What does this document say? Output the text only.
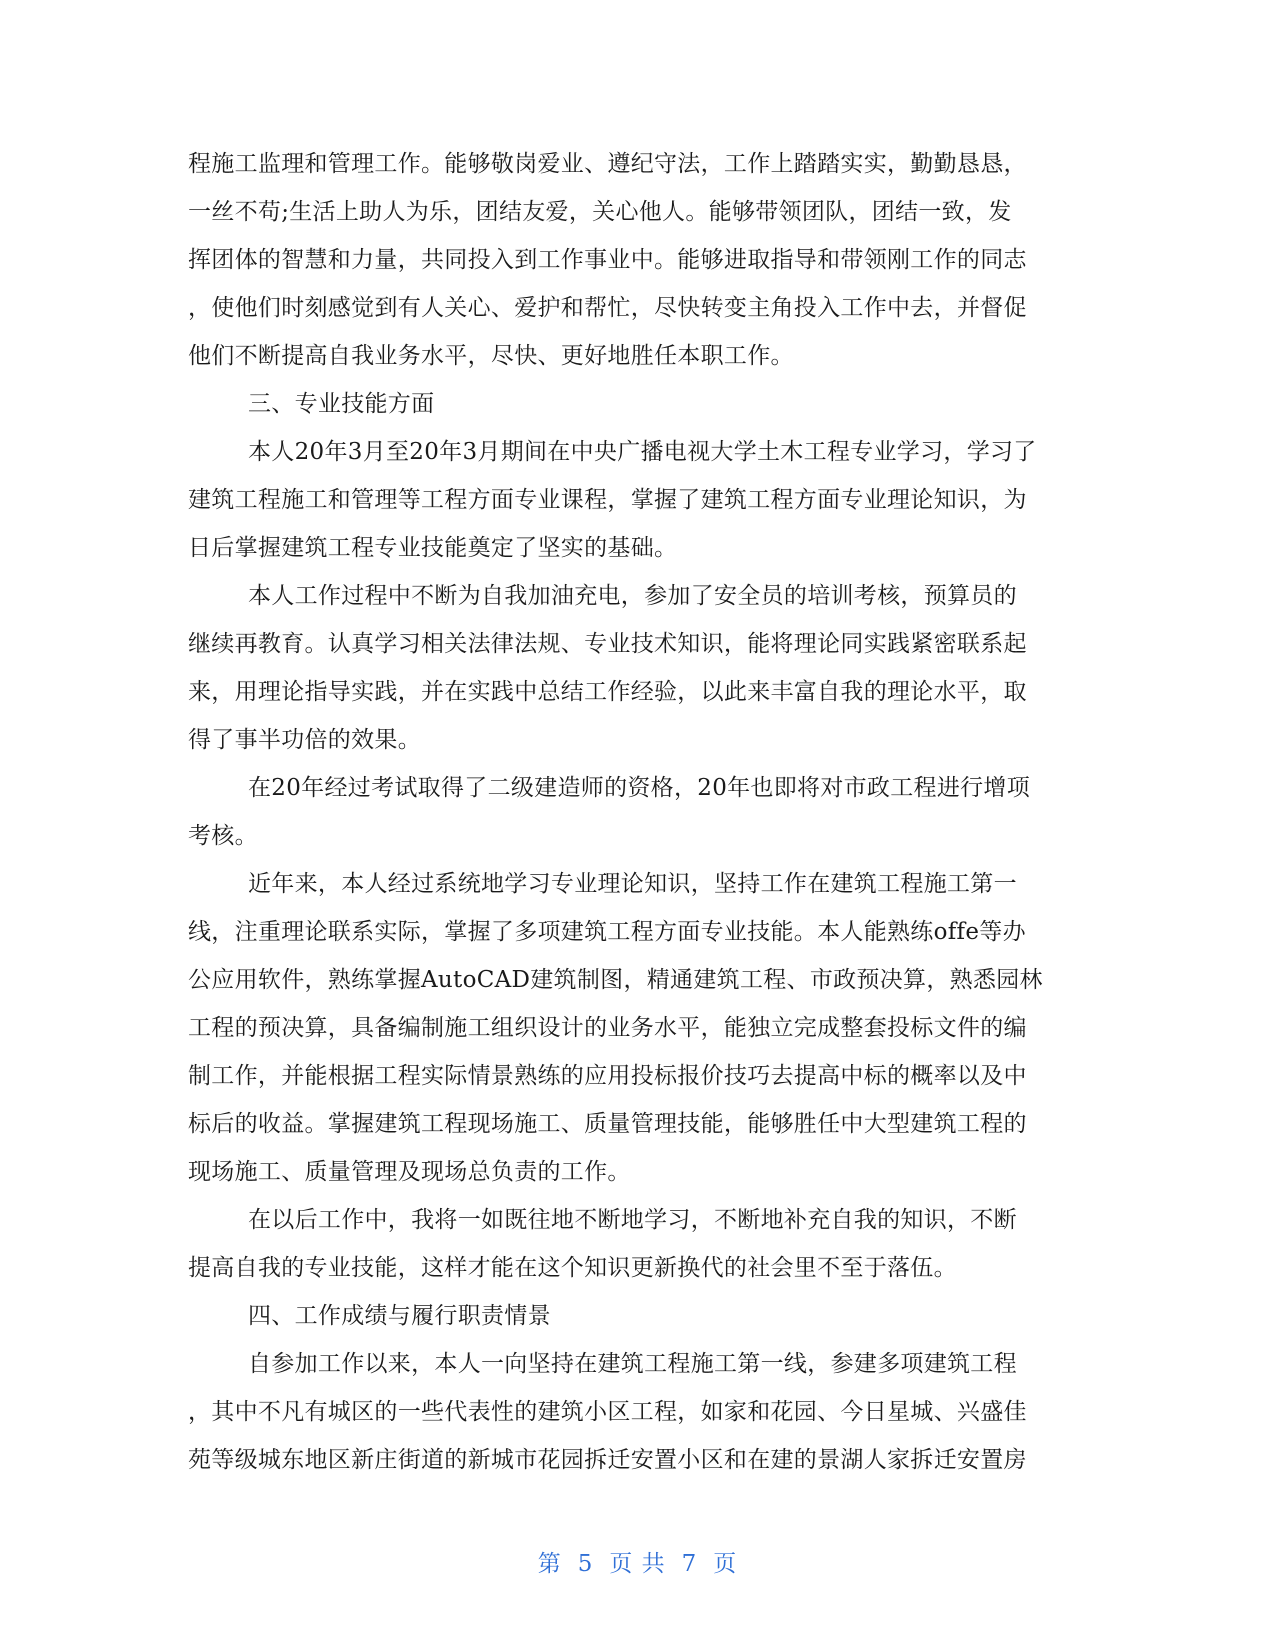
程施工监理和管理工作。能够敬岗爱业、遵纪守法，工作上踏踏实实，勤勤恳恳，
一丝不苟;生活上助人为乐，团结友爱，关心他人。能够带领团队，团结一致，发
挥团体的智慧和力量，共同投入到工作事业中。能够进取指导和带领刚工作的同志
，使他们时刻感觉到有人关心、爱护和帮忙，尽快转变主角投入工作中去，并督促
他们不断提高自我业务水平，尽快、更好地胜任本职工作。
三、专业技能方面
本人20年3月至20年3月期间在中央广播电视大学土木工程专业学习，学习了
建筑工程施工和管理等工程方面专业课程，掌握了建筑工程方面专业理论知识，为
日后掌握建筑工程专业技能奠定了坚实的基础。
本人工作过程中不断为自我加油充电，参加了安全员的培训考核，预算员的
继续再教育。认真学习相关法律法规、专业技术知识，能将理论同实践紧密联系起
来，用理论指导实践，并在实践中总结工作经验，以此来丰富自我的理论水平，取
得了事半功倍的效果。
在20年经过考试取得了二级建造师的资格，20年也即将对市政工程进行增项
考核。
近年来，本人经过系统地学习专业理论知识，坚持工作在建筑工程施工第一
线，注重理论联系实际，掌握了多项建筑工程方面专业技能。本人能熟练offe等办
公应用软件，熟练掌握AutoCAD建筑制图，精通建筑工程、市政预决算，熟悉园林
工程的预决算，具备编制施工组织设计的业务水平，能独立完成整套投标文件的编
制工作，并能根据工程实际情景熟练的应用投标报价技巧去提高中标的概率以及中
标后的收益。掌握建筑工程现场施工、质量管理技能，能够胜任中大型建筑工程的
现场施工、质量管理及现场总负责的工作。
在以后工作中，我将一如既往地不断地学习，不断地补充自我的知识，不断
提高自我的专业技能，这样才能在这个知识更新换代的社会里不至于落伍。
四、工作成绩与履行职责情景
自参加工作以来，本人一向坚持在建筑工程施工第一线，参建多项建筑工程
，其中不凡有城区的一些代表性的建筑小区工程，如家和花园、今日星城、兴盛佳
苑等级城东地区新庄街道的新城市花园拆迁安置小区和在建的景湖人家拆迁安置房
第 5 页 共 7 页
